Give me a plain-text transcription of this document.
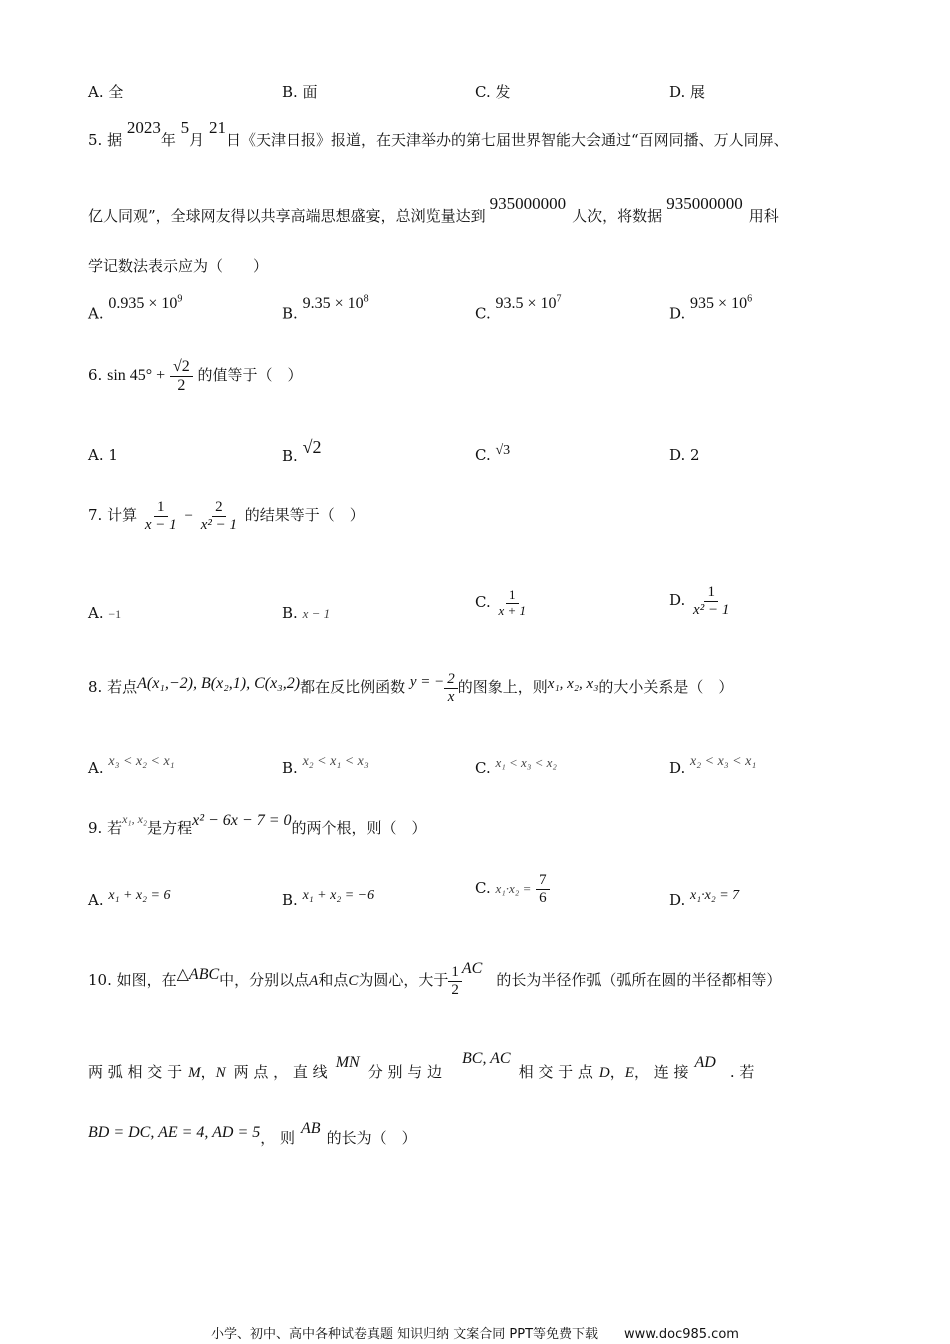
A. 全	B. 面	C. 发	D. 展
5. 据 2023年 5月 21日《天津日报》报道，在天津举办的第七届世界智能大会通过“百网同播、万人同屏、
亿人同观”，全球网友得以共享高端思想盛宴，总浏览量达到935000000人次，将数据935000000用科
学记数法表示应为（　　）
A. $0.935 \times 10^9$
B. $9.35 \times 10^8$
C. $93.5 \times 10^7$
D. $935 \times 10^6$
6. $\sin 45^\circ + \frac{√2}{2}$ 的值等于（　）
A. 1	B. √2	C. √3	D. 2
7. 计算 $\frac{1}{x - 1} - \frac{2}{\text{x² − 1}}$ 的结果等于（　）
A. −1	B. x − 1
C. $\frac{1}{x + 1}$	D. $\frac{1}{\text{x² − 1}}$
8. 若点A(x₁,−2), B(x₂,1), C(x₃,2)都在反比例函数 y = − $\frac{2}{x}$ 的图象上，则x₁, x₂, x₃的大小关系是（　）
A. x₃ < x₂ < x₁	B. x₂ < x₁ < x₃	C. x₁ < x₃ < x₂	D. x₂ < x₃ < x₁
9. 若$^{x_1, x_2}$是方程x² − 6x − 7 = 0的两个根，则（　）
A. x₁ + x₂ = 6	B. x₁ + x₂ = −6	C. $x_1\cdot x_2 = \frac{7}{6}$	D. x₁·x₂ = 7
10. 如图，在△ABC中，分别以点A和点C为圆心，大于 $\frac{1}{2}$ AC的长为半径作弧（弧所在圆的半径都相等）
两 弧 相 交 于 M，N 两 点 ， 直 线MN分 别 与 边BC, AC相 交 于 点 D，E， 连 接AD. 若
BD = DC, AE = 4, AD = 5， 则AB的长为（　）
小学、初中、高中各种试卷真题 知识归纳 文案合同 PPT等免费下载　　www.doc985.com
